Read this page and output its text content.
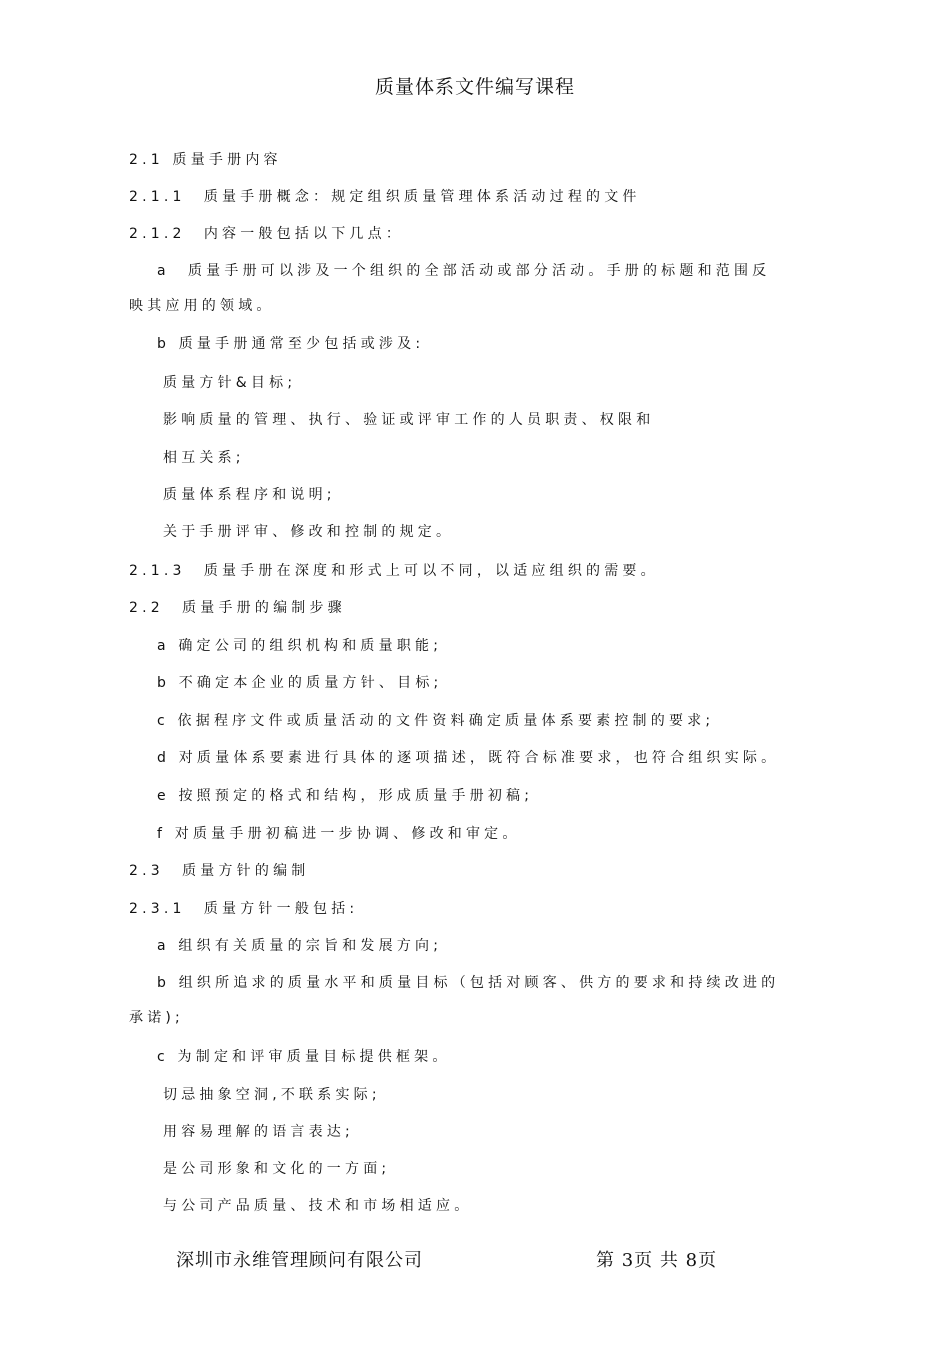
质量体系文件编写课程
2.1 质量手册内容
2.1.1　质量手册概念：规定组织质量管理体系活动过程的文件
2.1.2　内容一般包括以下几点：
a　质量手册可以涉及一个组织的全部活动或部分活动。手册的标题和范围反
映其应用的领域。
b 质量手册通常至少包括或涉及:
质量方针&目标;
影响质量的管理、执行、验证或评审工作的人员职责、权限和
相互关系;
质量体系程序和说明;
关于手册评审、修改和控制的规定。
2.1.3　质量手册在深度和形式上可以不同，以适应组织的需要。
2.2　质量手册的编制步骤
a 确定公司的组织机构和质量职能;
b 不确定本企业的质量方针、目标;
c 依据程序文件或质量活动的文件资料确定质量体系要素控制的要求;
d 对质量体系要素进行具体的逐项描述，既符合标准要求，也符合组织实际。
e 按照预定的格式和结构，形成质量手册初稿;
f 对质量手册初稿进一步协调、修改和审定。
2.3　质量方针的编制
2.3.1　质量方针一般包括:
a 组织有关质量的宗旨和发展方向;
b 组织所追求的质量水平和质量目标（包括对顾客、供方的要求和持续改进的
承诺);
c 为制定和评审质量目标提供框架。
切忌抽象空洞,不联系实际;
用容易理解的语言表达;
是公司形象和文化的一方面;
与公司产品质量、技术和市场相适应。
深圳市永维管理顾问有限公司	第 3页 共 8页
